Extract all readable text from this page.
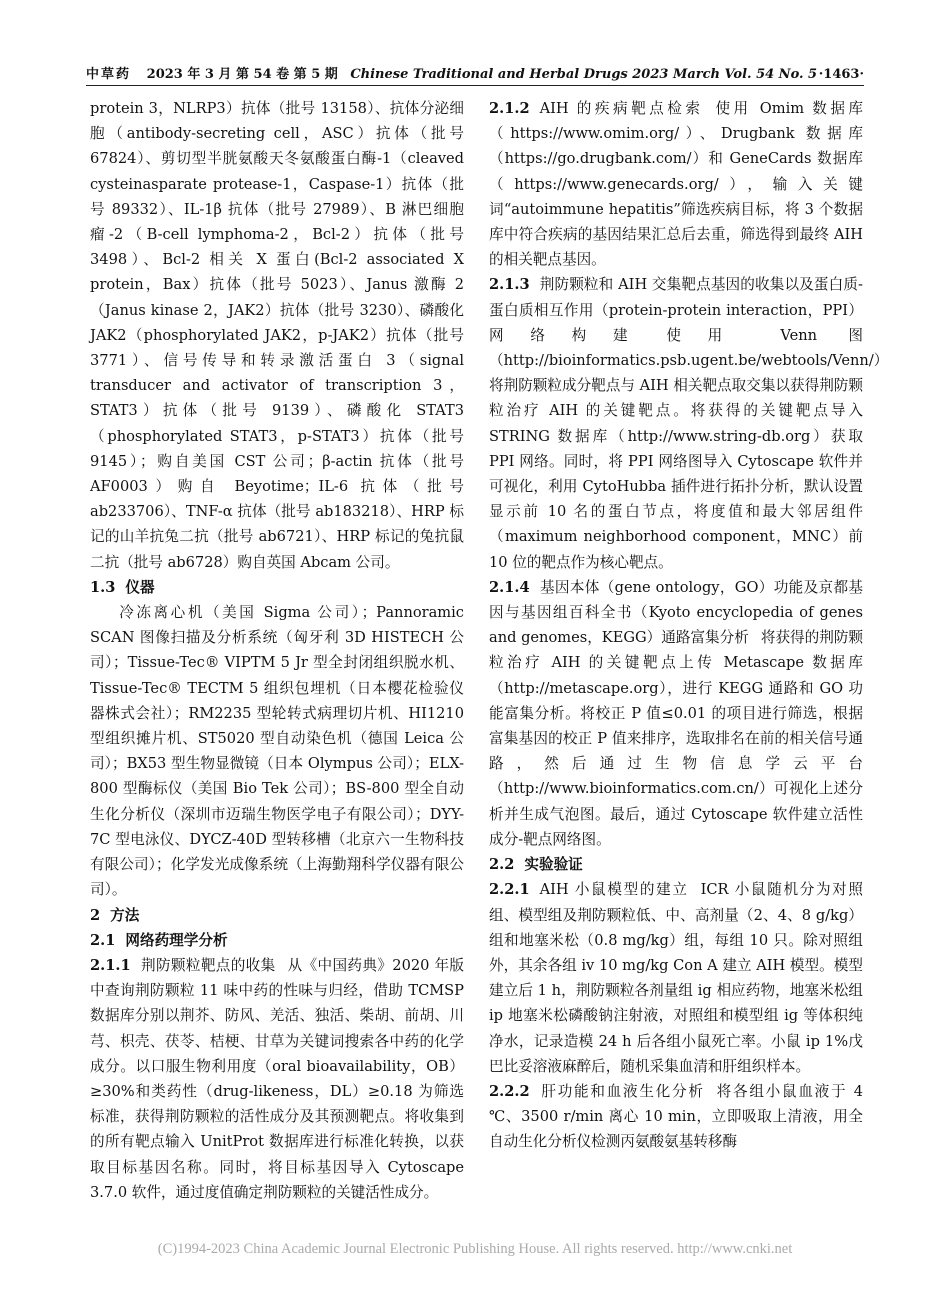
中草药 2023 年 3 月 第 54 卷 第 5 期 Chinese Traditional and Herbal Drugs 2023 March Vol. 54 No. 5 ·1463·

protein 3，NLRP3）抗体（批号 13158）、抗体分泌细胞（antibody-secreting cell，ASC）抗体（批号 67824）、剪切型半胱氨酸天冬氨酸蛋白酶-1（cleaved cysteinasparate protease-1，Caspase-1）抗体（批号 89332）、IL-1β 抗体（批号 27989）、B 淋巴细胞瘤-2（B-cell lymphoma-2，Bcl-2）抗体（批号 3498）、Bcl-2 相关 X 蛋白(Bcl-2 associated X protein，Bax）抗体（批号 5023）、Janus 激酶 2（Janus kinase 2，JAK2）抗体（批号 3230）、磷酸化 JAK2（phosphorylated JAK2，p-JAK2）抗体（批号 3771）、信号传导和转录激活蛋白 3（signal transducer and activator of transcription 3，STAT3）抗体（批号 9139）、磷酸化 STAT3（phosphorylated STAT3，p-STAT3）抗体（批号 9145）；购自美国 CST 公司；β-actin 抗体（批号 AF0003）购自 Beyotime；IL-6 抗体（批号 ab233706）、TNF-α 抗体（批号 ab183218）、HRP 标记的山羊抗兔二抗（批号 ab6721）、HRP 标记的兔抗鼠二抗（批号 ab6728）购自英国 Abcam 公司。

1.3 仪器

冷冻离心机（美国 Sigma 公司）；Pannoramic SCAN 图像扫描及分析系统（匈牙利 3D HISTECH 公司）；Tissue-Tec® VIPTM 5 Jr 型全封闭组织脱水机、Tissue-Tec® TECTM 5 组织包埋机（日本樱花检验仪器株式会社）；RM2235 型轮转式病理切片机、HI1210 型组织摊片机、ST5020 型自动染色机（德国 Leica 公司）；BX53 型生物显微镜（日本 Olympus 公司）；ELX-800 型酶标仪（美国 Bio Tek 公司）；BS-800 型全自动生化分析仪（深圳市迈瑞生物医学电子有限公司）；DYY-7C 型电泳仪、DYCZ-40D 型转移槽（北京六一生物科技有限公司）；化学发光成像系统（上海勤翔科学仪器有限公司）。

2 方法
2.1 网络药理学分析

2.1.1 荆防颗粒靶点的收集 从《中国药典》2020 年版中查询荆防颗粒 11 味中药的性味与归经，借助 TCMSP 数据库分别以荆芥、防风、羌活、独活、柴胡、前胡、川芎、枳壳、茯苓、桔梗、甘草为关键词搜索各中药的化学成分。以口服生物利用度（oral bioavailability，OB）≥30%和类药性（drug-likeness，DL）≥0.18 为筛选标准，获得荆防颗粒的活性成分及其预测靶点。将收集到的所有靶点输入 UnitProt 数据库进行标准化转换，以获取目标基因名称。同时，将目标基因导入 Cytoscape 3.7.0 软件，通过度值确定荆防颗粒的关键活性成分。

2.1.2 AIH 的疾病靶点检索 使用 Omim 数据库（https://www.omim.org/）、Drugbank 数据库（https://go.drugbank.com/）和 GeneCards 数据库（https://www.genecards.org/），输入关键词“autoimmune hepatitis”筛选疾病目标，将 3 个数据库中符合疾病的基因结果汇总后去重，筛选得到最终 AIH 的相关靶点基因。

2.1.3 荆防颗粒和 AIH 交集靶点基因的收集以及蛋白质-蛋白质相互作用（protein-protein interaction，PPI）网络构建 使用 Venn 图（http://bioinformatics.psb.ugent.be/webtools/Venn/）将荆防颗粒成分靶点与 AIH 相关靶点取交集以获得荆防颗粒治疗 AIH 的关键靶点。将获得的关键靶点导入 STRING 数据库（http://www.string-db.org）获取 PPI 网络。同时，将 PPI 网络图导入 Cytoscape 软件并可视化，利用 CytoHubba 插件进行拓扑分析，默认设置显示前 10 名的蛋白节点，将度值和最大邻居组件（maximum neighborhood component，MNC）前 10 位的靶点作为核心靶点。

2.1.4 基因本体（gene ontology，GO）功能及京都基因与基因组百科全书（Kyoto encyclopedia of genes and genomes，KEGG）通路富集分析 将获得的荆防颗粒治疗 AIH 的关键靶点上传 Metascape 数据库（http://metascape.org），进行 KEGG 通路和 GO 功能富集分析。将校正 P 值≤0.01 的项目进行筛选，根据富集基因的校正 P 值来排序，选取排名在前的相关信号通路，然后通过生物信息学云平台（http://www.bioinformatics.com.cn/）可视化上述分析并生成气泡图。最后，通过 Cytoscape 软件建立活性成分-靶点网络图。

2.2 实验验证

2.2.1 AIH 小鼠模型的建立 ICR 小鼠随机分为对照组、模型组及荆防颗粒低、中、高剂量（2、4、8 g/kg）组和地塞米松（0.8 mg/kg）组，每组 10 只。除对照组外，其余各组 iv 10 mg/kg Con A 建立 AIH 模型。模型建立后 1 h，荆防颗粒各剂量组 ig 相应药物，地塞米松组 ip 地塞米松磷酸钠注射液，对照组和模型组 ig 等体积纯净水，记录造模 24 h 后各组小鼠死亡率。小鼠 ip 1%戊巴比妥溶液麻醉后，随机采集血清和肝组织样本。

2.2.2 肝功能和血液生化分析 将各组小鼠血液于 4 ℃、3500 r/min 离心 10 min，立即吸取上清液，用全自动生化分析仪检测丙氨酸氨基转移酶

(C)1994-2023 China Academic Journal Electronic Publishing House. All rights reserved. http://www.cnki.net
